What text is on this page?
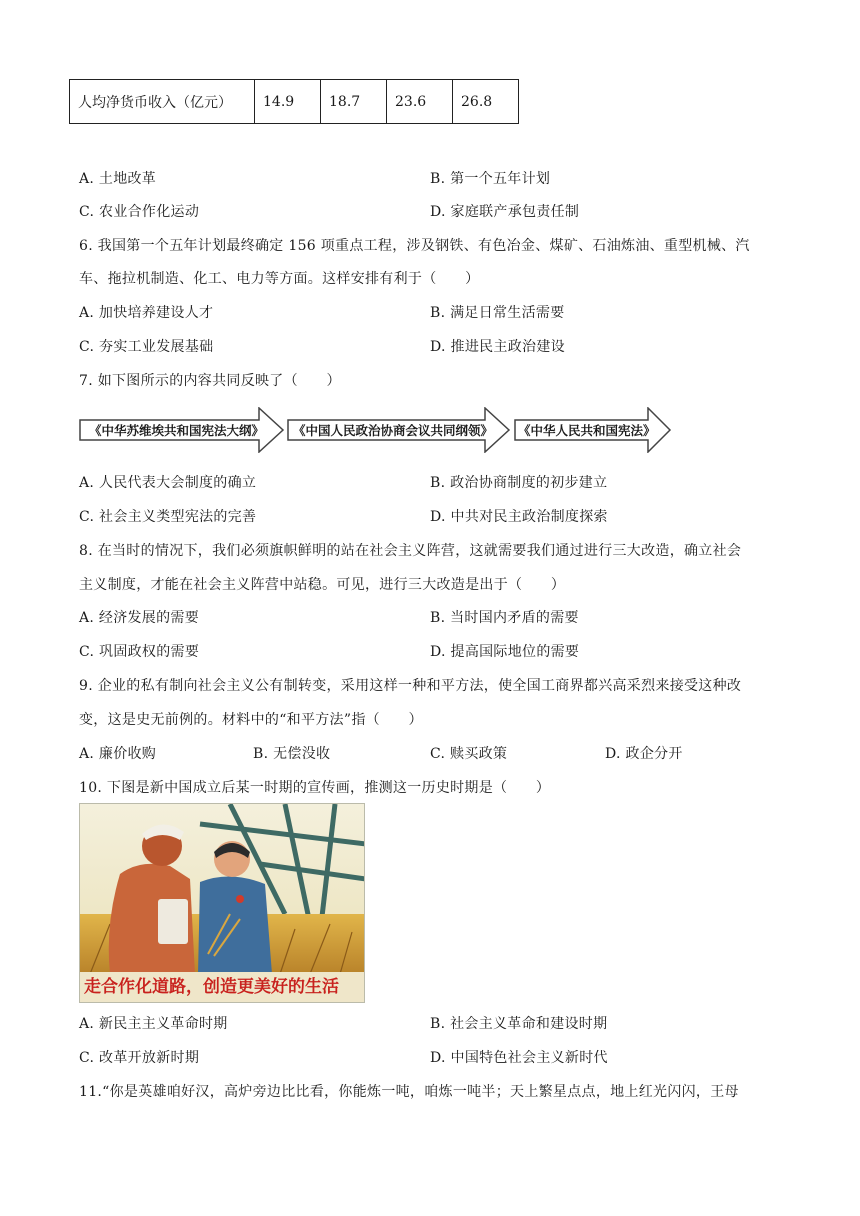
人均净货币收入（亿元）	14.9	18.7	23.6	26.8
A. 土地改革	B. 第一个五年计划
C. 农业合作化运动	D. 家庭联产承包责任制
6. 我国第一个五年计划最终确定 156 项重点工程，涉及钢铁、有色冶金、煤矿、石油炼油、重型机械、汽
车、拖拉机制造、化工、电力等方面。这样安排有利于（　　）
A. 加快培养建设人才	B. 满足日常生活需要
C. 夯实工业发展基础	D. 推进民主政治建设
7. 如下图所示的内容共同反映了（　　）
《中华苏维埃共和国宪法大纲》 《中国人民政治协商会议共同纲领》 《中华人民共和国宪法》
A. 人民代表大会制度的确立	B. 政治协商制度的初步建立
C. 社会主义类型宪法的完善	D. 中共对民主政治制度探索
8. 在当时的情况下，我们必须旗帜鲜明的站在社会主义阵营，这就需要我们通过进行三大改造，确立社会
主义制度，才能在社会主义阵营中站稳。可见，进行三大改造是出于（　　）
A. 经济发展的需要	B. 当时国内矛盾的需要
C. 巩固政权的需要	D. 提高国际地位的需要
9. 企业的私有制向社会主义公有制转变，采用这样一种和平方法，使全国工商界都兴高采烈来接受这种改
变，这是史无前例的。材料中的“和平方法”指（　　）
A. 廉价收购	B. 无偿没收	C. 赎买政策	D. 政企分开
10. 下图是新中国成立后某一时期的宣传画，推测这一历史时期是（　　）
走合作化道路，创造更美好的生活
A. 新民主主义革命时期	B. 社会主义革命和建设时期
C. 改革开放新时期	D. 中国特色社会主义新时代
11.“你是英雄咱好汉，高炉旁边比比看，你能炼一吨，咱炼一吨半；天上繁星点点，地上红光闪闪，王母
